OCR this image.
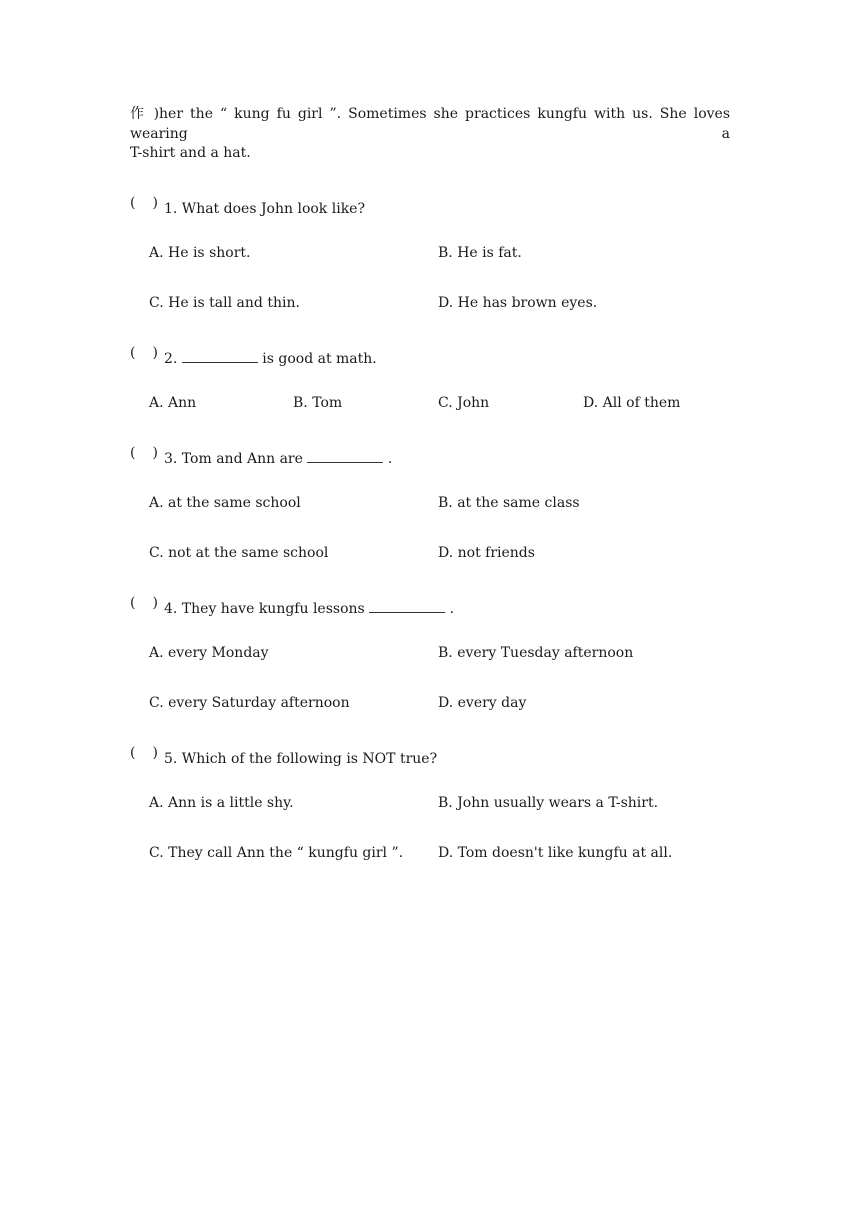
作 )her the “ kung fu girl ”. Sometimes she practices kungfu with us. She loves wearing a
T-shirt and a hat.
( ) 1. What does John look like?
A. He is short.	B. He is fat.
C. He is tall and thin.	D. He has brown eyes.
( ) 2.	is good at math.
A. Ann	B. Tom	C. John	D. All of them
( ) 3. Tom and Ann are	.
A. at the same school	B. at the same class
C. not at the same school	D. not friends
( ) 4. They have kungfu lessons	.
A. every Monday	B. every Tuesday afternoon
C. every Saturday afternoon	D. every day
( ) 5. Which of the following is NOT true?
A. Ann is a little shy.	B. John usually wears a T-shirt.
C. They call Ann the “ kungfu girl ”. D. Tom doesn't like kungfu at all.
